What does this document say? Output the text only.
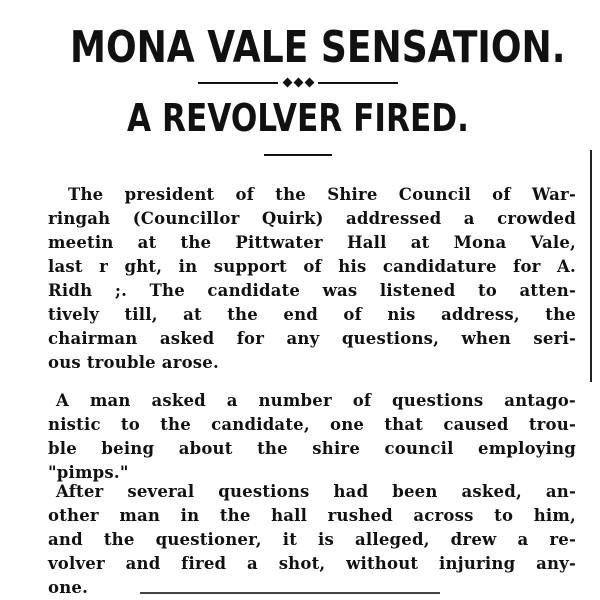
MONA VALE SENSATION.
A REVOLVER FIRED.
The president of the Shire Council of War-
ringah (Councillor Quirk) addressed a crowded
meetin at the Pittwater Hall at Mona Vale,
last r ght, in support of his candidature for A.
Ridh ;. The candidate was listened to atten-
tively till, at the end of nis address, the
chairman asked for any questions, when seri-
ous trouble arose.
A man asked a number of questions antago-
nistic to the candidate, one that caused trou-
ble being about the shire council employing
"pimps."
After several questions had been asked, an-
other man in the hall rushed across to him,
and the questioner, it is alleged, drew a re-
volver and fired a shot, without injuring any-
one.
